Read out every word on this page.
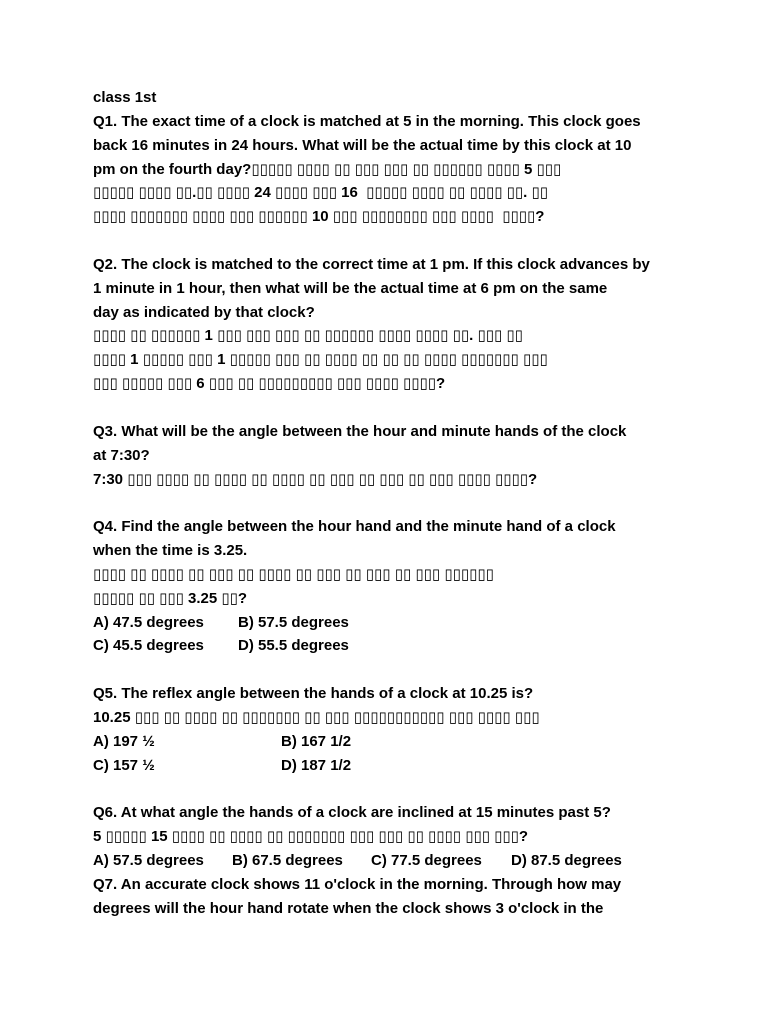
class 1st
Q1. The exact time of a clock is matched at 5 in the morning. This clock goes
back 16 minutes in 24 hours. What will be the actual time by this clock at 10
pm on the fourth day?▯▯▯▯▯ ▯▯▯▯ ▯▯ ▯▯▯ ▯▯▯ ▯▯ ▯▯▯▯▯▯ ▯▯▯▯ 5 ▯▯▯
▯▯▯▯▯ ▯▯▯▯ ▯▯.▯▯ ▯▯▯▯ 24 ▯▯▯▯ ▯▯▯ 16  ▯▯▯▯▯ ▯▯▯▯ ▯▯ ▯▯▯▯ ▯▯. ▯▯
▯▯▯▯ ▯▯▯▯▯▯▯ ▯▯▯▯ ▯▯▯ ▯▯▯▯▯▯ 10 ▯▯▯ ▯▯▯▯▯▯▯▯ ▯▯▯ ▯▯▯▯  ▯▯▯▯?
Q2. The clock is matched to the correct time at 1 pm. If this clock advances by
1 minute in 1 hour, then what will be the actual time at 6 pm on the same
day as indicated by that clock?
▯▯▯▯ ▯▯ ▯▯▯▯▯▯ 1 ▯▯▯ ▯▯▯ ▯▯▯ ▯▯ ▯▯▯▯▯▯ ▯▯▯▯ ▯▯▯▯ ▯▯. ▯▯▯ ▯▯
▯▯▯▯ 1 ▯▯▯▯▯ ▯▯▯ 1 ▯▯▯▯▯ ▯▯▯ ▯▯ ▯▯▯▯ ▯▯ ▯▯ ▯▯ ▯▯▯▯ ▯▯▯▯▯▯▯ ▯▯▯
▯▯▯ ▯▯▯▯▯ ▯▯▯ 6 ▯▯▯ ▯▯ ▯▯▯▯▯▯▯▯▯ ▯▯▯ ▯▯▯▯ ▯▯▯▯?
Q3. What will be the angle between the hour and minute hands of the clock
at 7:30?
7:30 ▯▯▯ ▯▯▯▯ ▯▯ ▯▯▯▯ ▯▯ ▯▯▯▯ ▯▯ ▯▯▯ ▯▯ ▯▯▯ ▯▯ ▯▯▯ ▯▯▯▯ ▯▯▯▯?
Q4. Find the angle between the hour hand and the minute hand of a clock
when the time is 3.25.
▯▯▯▯ ▯▯ ▯▯▯▯ ▯▯ ▯▯▯ ▯▯ ▯▯▯▯ ▯▯ ▯▯▯ ▯▯ ▯▯▯ ▯▯ ▯▯▯ ▯▯▯▯▯▯
▯▯▯▯▯ ▯▯ ▯▯▯ 3.25 ▯▯?

A) 47.5 degrees

B) 57.5 degrees

C) 45.5 degrees

D) 55.5 degrees

Q5. The reflex angle between the hands of a clock at 10.25 is?
10.25 ▯▯▯ ▯▯ ▯▯▯▯ ▯▯ ▯▯▯▯▯▯▯ ▯▯ ▯▯▯ ▯▯▯▯▯▯▯▯▯▯▯ ▯▯▯ ▯▯▯▯ ▯▯▯

A) 197 ½

	B) 167 1/2

C) 157 ½

	D) 187 1/2

Q6. At what angle the hands of a clock are inclined at 15 minutes past 5?
5 ▯▯▯▯▯ 15 ▯▯▯▯ ▯▯ ▯▯▯▯ ▯▯ ▯▯▯▯▯▯▯ ▯▯▯ ▯▯▯ ▯▯ ▯▯▯▯ ▯▯▯ ▯▯▯?

A) 57.5 degrees

B) 67.5 degrees

C) 77.5 degrees

D) 87.5 degrees

Q7. An accurate clock shows 11 o'clock in the morning. Through how may
degrees will the hour hand rotate when the clock shows 3 o'clock in the
